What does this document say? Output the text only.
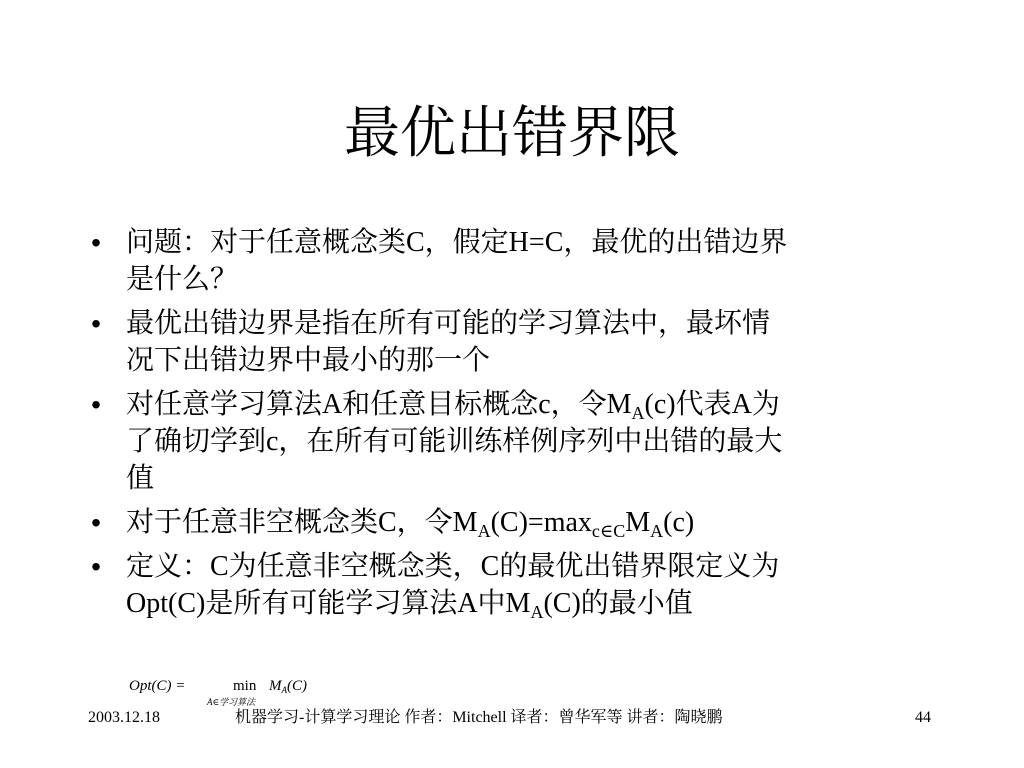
最优出错界限
• 问题：对于任意概念类C，假定H=C，最优的出错边界
是什么？
• 最优出错边界是指在所有可能的学习算法中，最坏情
况下出错边界中最小的那一个
• 对任意学习算法A和任意目标概念c，令$M_A(c)$代表A为
了确切学到c，在所有可能训练样例序列中出错的最大
值
• 对于任意非空概念类C，令$M_A(C)=\max_{c\in C}M_A(c)$
• 定义：C为任意非空概念类，C的最优出错界限定义为
Opt(C)是所有可能学习算法A中$M_A(C)$的最小值
Opt(C) =	min
A∈学习算法
$M_A(C)$
2003.12.18	机器学习-计算学习理论 作者：Mitchell 译者：曾华军等 讲者：陶晓鹏	44
